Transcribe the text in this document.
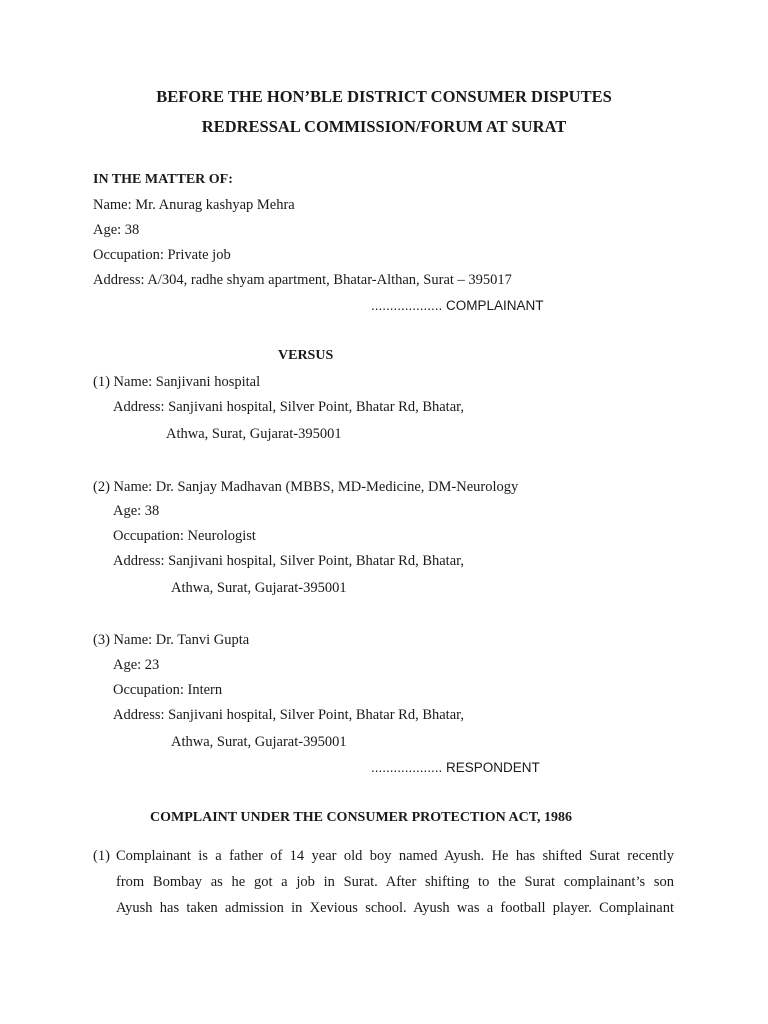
BEFORE THE HON’BLE DISTRICT CONSUMER DISPUTES
REDRESSAL COMMISSION/FORUM AT SURAT
IN THE MATTER OF:
Name: Mr. Anurag kashyap Mehra
Age: 38
Occupation: Private job
Address: A/304, radhe shyam apartment, Bhatar-Althan, Surat – 395017
................... COMPLAINANT
VERSUS
(1) Name: Sanjivani hospital
Address: Sanjivani hospital, Silver Point, Bhatar Rd, Bhatar,
Athwa, Surat, Gujarat-395001
(2) Name: Dr. Sanjay Madhavan (MBBS, MD-Medicine, DM-Neurology
Age: 38
Occupation: Neurologist
Address: Sanjivani hospital, Silver Point, Bhatar Rd, Bhatar,
Athwa, Surat, Gujarat-395001
(3) Name: Dr. Tanvi Gupta
Age: 23
Occupation: Intern
Address: Sanjivani hospital, Silver Point, Bhatar Rd, Bhatar,
Athwa, Surat, Gujarat-395001
................... RESPONDENT
COMPLAINT UNDER THE CONSUMER PROTECTION ACT, 1986
(1) Complainant is a father of 14 year old boy named Ayush. He has shifted Surat recently
from Bombay as he got a job in Surat. After shifting to the Surat complainant’s son
Ayush has taken admission in Xevious school. Ayush was a football player. Complainant
